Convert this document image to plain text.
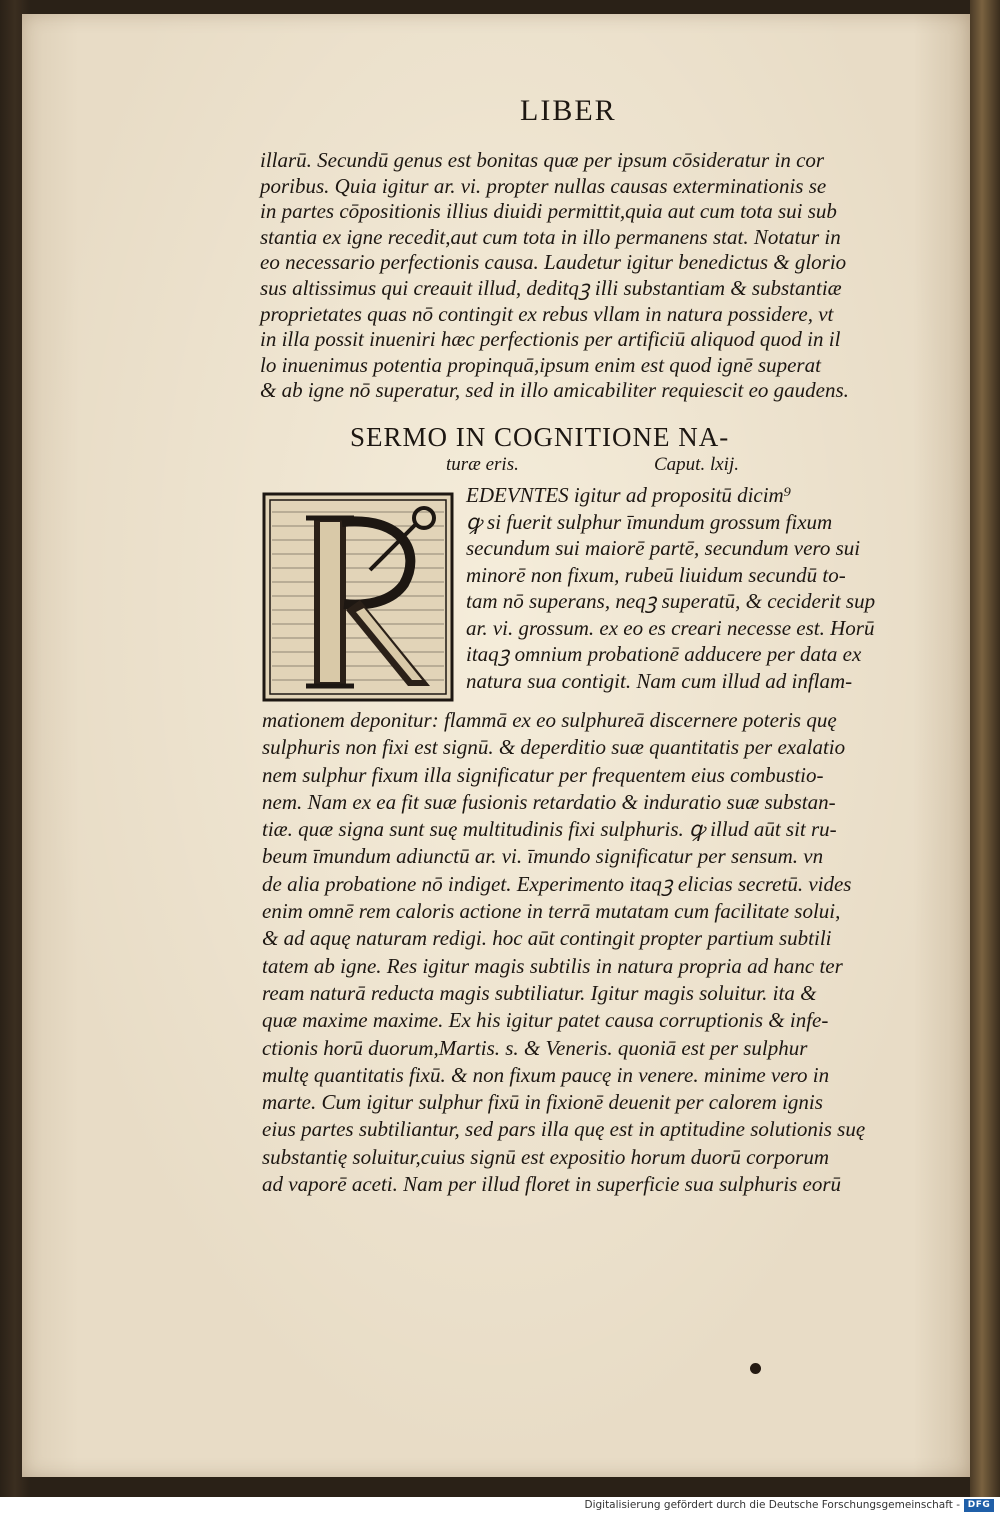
LIBER
illarū. Secundū genus est bonitas quæ per ipsum cōsideratur in cor
poribus. Quia igitur ar. vi. propter nullas causas exterminationis se
in partes cōpositionis illius diuidi permittit,quia aut cum tota sui sub
stantia ex igne recedit,aut cum tota in illo permanens stat. Notatur in
eo necessario perfectionis causa. Laudetur igitur benedictus & glorio
sus altissimus qui creauit illud, deditqꝫ illi substantiam & substantiæ
proprietates quas nō contingit ex rebus vllam in natura possidere, vt
in illa possit inueniri hæc perfectionis per artificiū aliquod quod in il
lo inuenimus potentia propinquā,ipsum enim est quod ignē superat
& ab igne nō superatur, sed in illo amicabiliter requiescit eo gaudens.
SERMO IN COGNITIONE NA-
turæ eris.	Caput. lxij.
EDEVNTES igitur ad propositū dicim⁹
ꝙ si fuerit sulphur īmundum grossum fixum
secundum sui maiorē partē, secundum vero sui
minorē non fixum, rubeū liuidum secundū to-
tam nō superans, neqꝫ superatū, & ceciderit sup
ar. vi. grossum. ex eo es creari necesse est. Horū
itaqꝫ omnium probationē adducere per data ex
natura sua contigit. Nam cum illud ad inflam-
mationem deponitur: flammā ex eo sulphureā discernere poteris quę
sulphuris non fixi est signū. & deperditio suæ quantitatis per exalatio
nem sulphur fixum illa significatur per frequentem eius combustio-
nem. Nam ex ea fit suæ fusionis retardatio & induratio suæ substan-
tiæ. quæ signa sunt suę multitudinis fixi sulphuris. ꝙ illud aūt sit ru-
beum īmundum adiunctū ar. vi. īmundo significatur per sensum. vn
de alia probatione nō indiget. Experimento itaqꝫ elicias secretū. vides
enim omnē rem caloris actione in terrā mutatam cum facilitate solui,
& ad aquę naturam redigi. hoc aūt contingit propter partium subtili
tatem ab igne. Res igitur magis subtilis in natura propria ad hanc ter
ream naturā reducta magis subtiliatur. Igitur magis soluitur. ita &
quæ maxime maxime. Ex his igitur patet causa corruptionis & infe-
ctionis horū duorum,Martis. s. & Veneris. quoniā est per sulphur
multę quantitatis fixū. & non fixum paucę in venere. minime vero in
marte. Cum igitur sulphur fixū in fixionē deuenit per calorem ignis
eius partes subtiliantur, sed pars illa quę est in aptitudine solutionis suę
substantię soluitur,cuius signū est expositio horum duorū corporum
ad vaporē aceti. Nam per illud floret in superficie sua sulphuris eorū
Digitalisierung gefördert durch die Deutsche Forschungsgemeinschaft - DFG
